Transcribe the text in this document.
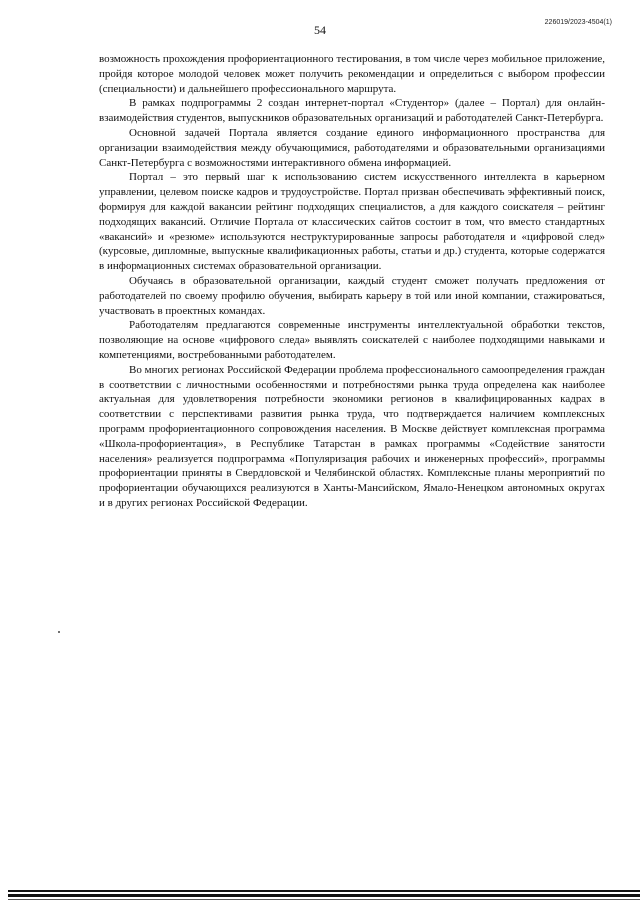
54
226019/2023-4504(1)

возможность прохождения профориентационного тестирования, в том числе через мобильное приложение, пройдя которое молодой человек может получить рекомендации и определиться с выбором профессии (специальности) и дальнейшего профессионального маршрута.

В рамках подпрограммы 2 создан интернет-портал «Студентор» (далее – Портал) для онлайн-взаимодействия студентов, выпускников образовательных организаций и работодателей Санкт-Петербурга.

Основной задачей Портала является создание единого информационного пространства для организации взаимодействия между обучающимися, работодателями и образовательными организациями Санкт-Петербурга с возможностями интерактивного обмена информацией.

Портал – это первый шаг к использованию систем искусственного интеллекта в карьерном управлении, целевом поиске кадров и трудоустройстве. Портал призван обеспечивать эффективный поиск, формируя для каждой вакансии рейтинг подходящих специалистов, а для каждого соискателя – рейтинг подходящих вакансий. Отличие Портала от классических сайтов состоит в том, что вместо стандартных «вакансий» и «резюме» используются неструктурированные запросы работодателя и «цифровой след» (курсовые, дипломные, выпускные квалификационных работы, статьи и др.) студента, которые содержатся в информационных системах образовательной организации.

Обучаясь в образовательной организации, каждый студент сможет получать предложения от работодателей по своему профилю обучения, выбирать карьеру в той или иной компании, стажироваться, участвовать в проектных командах.

Работодателям предлагаются современные инструменты интеллектуальной обработки текстов, позволяющие на основе «цифрового следа» выявлять соискателей с наиболее подходящими навыками и компетенциями, востребованными работодателем.

Во многих регионах Российской Федерации проблема профессионального самоопределения граждан в соответствии с личностными особенностями и потребностями рынка труда определена как наиболее актуальная для удовлетворения потребности экономики регионов в квалифицированных кадрах в соответствии с перспективами развития рынка труда, что подтверждается наличием комплексных программ профориентационного сопровождения населения. В Москве действует комплексная программа «Школа-профориентация», в Республике Татарстан в рамках программы «Содействие занятости населения» реализуется подпрограмма «Популяризация рабочих и инженерных профессий», программы профориентации приняты в Свердловской и Челябинской областях. Комплексные планы мероприятий по профориентации обучающихся реализуются в Ханты-Мансийском, Ямало-Ненецком автономных округах и в других регионах Российской Федерации.
